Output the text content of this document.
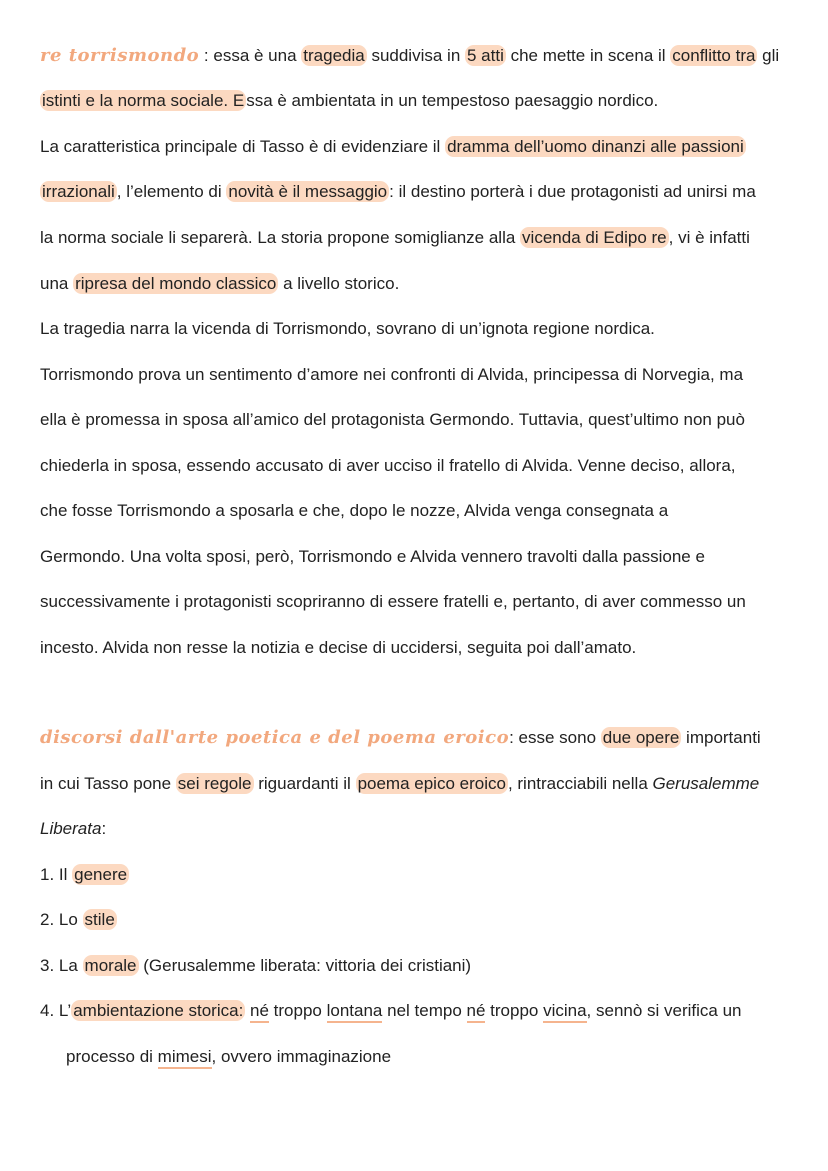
re torrismondo : essa è una tragedia suddivisa in 5 atti che mette in scena il conflitto tra gli
istinti e la norma sociale. E ssa è ambientata in un tempestoso paesaggio nordico.
La caratteristica principale di Tasso è di evidenziare il dramma dell’uomo dinanzi alle passioni
irrazionali , l’elemento di novità è il messaggio : il destino porterà i due protagonisti ad unirsi ma
la norma sociale li separerà. La storia propone somiglianze alla vicenda di Edipo re , vi è infatti
una ripresa del mondo classico a livello storico.
La tragedia narra la vicenda di Torrismondo, sovrano di un’ignota regione nordica.
Torrismondo prova un sentimento d’amore nei confronti di Alvida, principessa di Norvegia, ma
ella è promessa in sposa all’amico del protagonista Germondo. Tuttavia, quest’ultimo non può
chiederla in sposa, essendo accusato di aver ucciso il fratello di Alvida. Venne deciso, allora,
che fosse Torrismondo a sposarla e che, dopo le nozze, Alvida venga consegnata a
Germondo. Una volta sposi, però, Torrismondo e Alvida vennero travolti dalla passione e
successivamente i protagonisti scopriranno di essere fratelli e, pertanto, di aver commesso un
incesto. Alvida non resse la notizia e decise di uccidersi, seguita poi dall’amato.
discorsi dall'arte poetica e del poema eroico: esse sono due opere importanti
in cui Tasso pone sei regole riguardanti il poema epico eroico , rintracciabili nella Gerusalemme
Liberata:
1. Il genere
2. Lo stile
3. La morale (Gerusalemme liberata: vittoria dei cristiani)
4. L’ ambientazione storica: né troppo lontana nel tempo né troppo vicina, sennò si verifica un
processo di mimesi, ovvero immaginazione
